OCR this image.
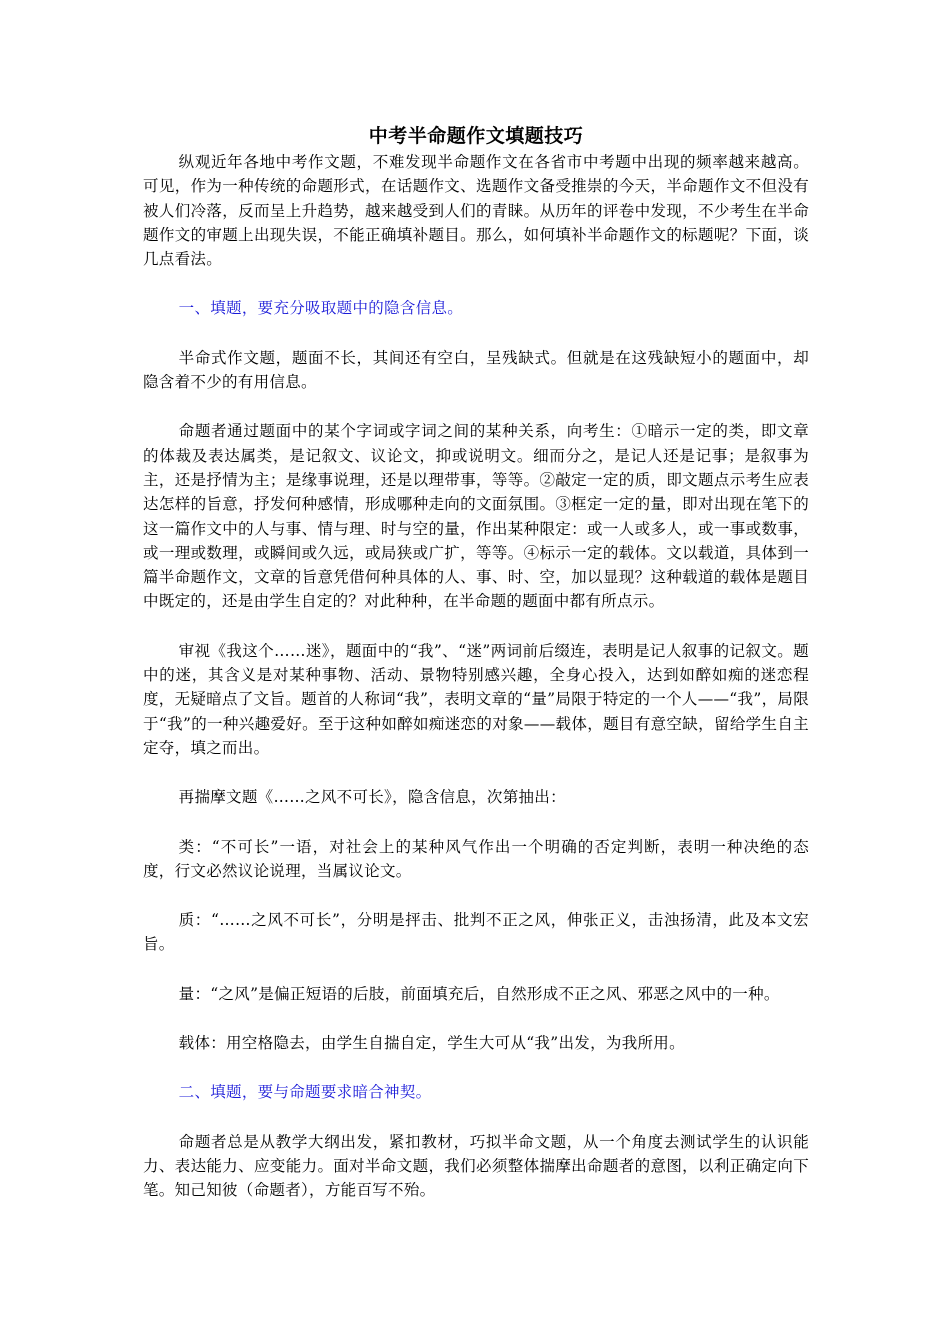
中考半命题作文填题技巧

纵观近年各地中考作文题，不难发现半命题作文在各省市中考题中出现的频率越来越高。可见，作为一种传统的命题形式，在话题作文、选题作文备受推崇的今天，半命题作文不但没有被人们冷落，反而呈上升趋势，越来越受到人们的青睐。从历年的评卷中发现，不少考生在半命题作文的审题上出现失误，不能正确填补题目。那么，如何填补半命题作文的标题呢？下面，谈几点看法。

一、填题，要充分吸取题中的隐含信息。

半命式作文题，题面不长，其间还有空白，呈残缺式。但就是在这残缺短小的题面中，却隐含着不少的有用信息。

命题者通过题面中的某个字词或字词之间的某种关系，向考生：①暗示一定的类，即文章的体裁及表达属类，是记叙文、议论文，抑或说明文。细而分之，是记人还是记事；是叙事为主，还是抒情为主；是缘事说理，还是以理带事，等等。②敲定一定的质，即文题点示考生应表达怎样的旨意，抒发何种感情，形成哪种走向的文面氛围。③框定一定的量，即对出现在笔下的这一篇作文中的人与事、情与理、时与空的量，作出某种限定：或一人或多人，或一事或数事，或一理或数理，或瞬间或久远，或局狭或广扩，等等。④标示一定的载体。文以载道，具体到一篇半命题作文，文章的旨意凭借何种具体的人、事、时、空，加以显现？这种载道的载体是题目中既定的，还是由学生自定的？对此种种，在半命题的题面中都有所点示。

审视《我这个……迷》，题面中的“我”、“迷”两词前后缀连，表明是记人叙事的记叙文。题中的迷，其含义是对某种事物、活动、景物特别感兴趣，全身心投入，达到如醉如痴的迷恋程度，无疑暗点了文旨。题首的人称词“我”，表明文章的“量”局限于特定的一个人——“我”，局限于“我”的一种兴趣爱好。至于这种如醉如痴迷恋的对象——载体，题目有意空缺，留给学生自主定夺，填之而出。

再揣摩文题《……之风不可长》，隐含信息，次第抽出：

类：“不可长”一语，对社会上的某种风气作出一个明确的否定判断，表明一种决绝的态度，行文必然议论说理，当属议论文。

质：“……之风不可长”，分明是抨击、批判不正之风，伸张正义，击浊扬清，此及本文宏旨。

量：“之风”是偏正短语的后肢，前面填充后，自然形成不正之风、邪恶之风中的一种。

载体：用空格隐去，由学生自揣自定，学生大可从“我”出发，为我所用。

二、填题，要与命题要求暗合神契。

命题者总是从教学大纲出发，紧扣教材，巧拟半命文题，从一个角度去测试学生的认识能力、表达能力、应变能力。面对半命文题，我们必须整体揣摩出命题者的意图，以利正确定向下笔。知己知彼（命题者），方能百写不殆。
